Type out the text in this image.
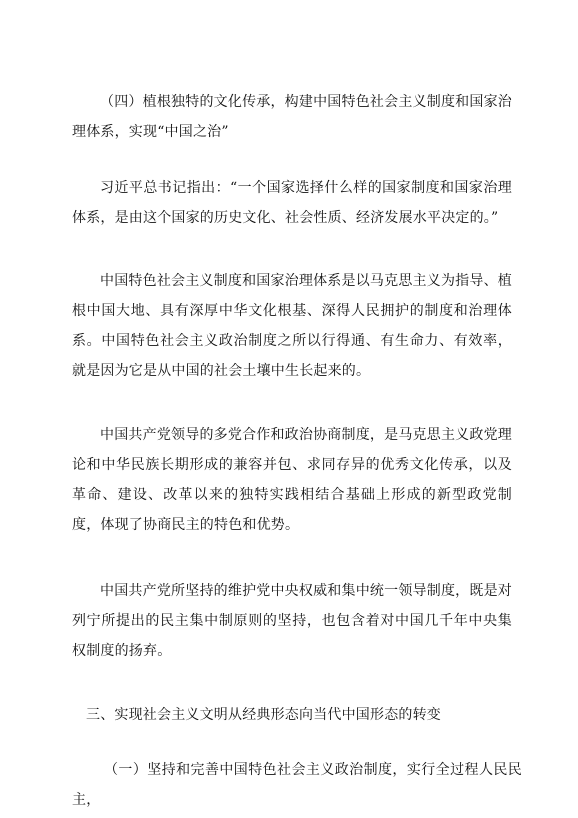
（四）植根独特的文化传承，构建中国特色社会主义制度和国家治理体系，实现“中国之治”

习近平总书记指出：“一个国家选择什么样的国家制度和国家治理体系，是由这个国家的历史文化、社会性质、经济发展水平决定的。”

中国特色社会主义制度和国家治理体系是以马克思主义为指导、植根中国大地、具有深厚中华文化根基、深得人民拥护的制度和治理体系。中国特色社会主义政治制度之所以行得通、有生命力、有效率，就是因为它是从中国的社会土壤中生长起来的。

中国共产党领导的多党合作和政治协商制度，是马克思主义政党理论和中华民族长期形成的兼容并包、求同存异的优秀文化传承，以及革命、建设、改革以来的独特实践相结合基础上形成的新型政党制度，体现了协商民主的特色和优势。

中国共产党所坚持的维护党中央权威和集中统一领导制度，既是对列宁所提出的民主集中制原则的坚持，也包含着对中国几千年中央集权制度的扬弃。

三、实现社会主义文明从经典形态向当代中国形态的转变

（一）坚持和完善中国特色社会主义政治制度，实行全过程人民民主，
